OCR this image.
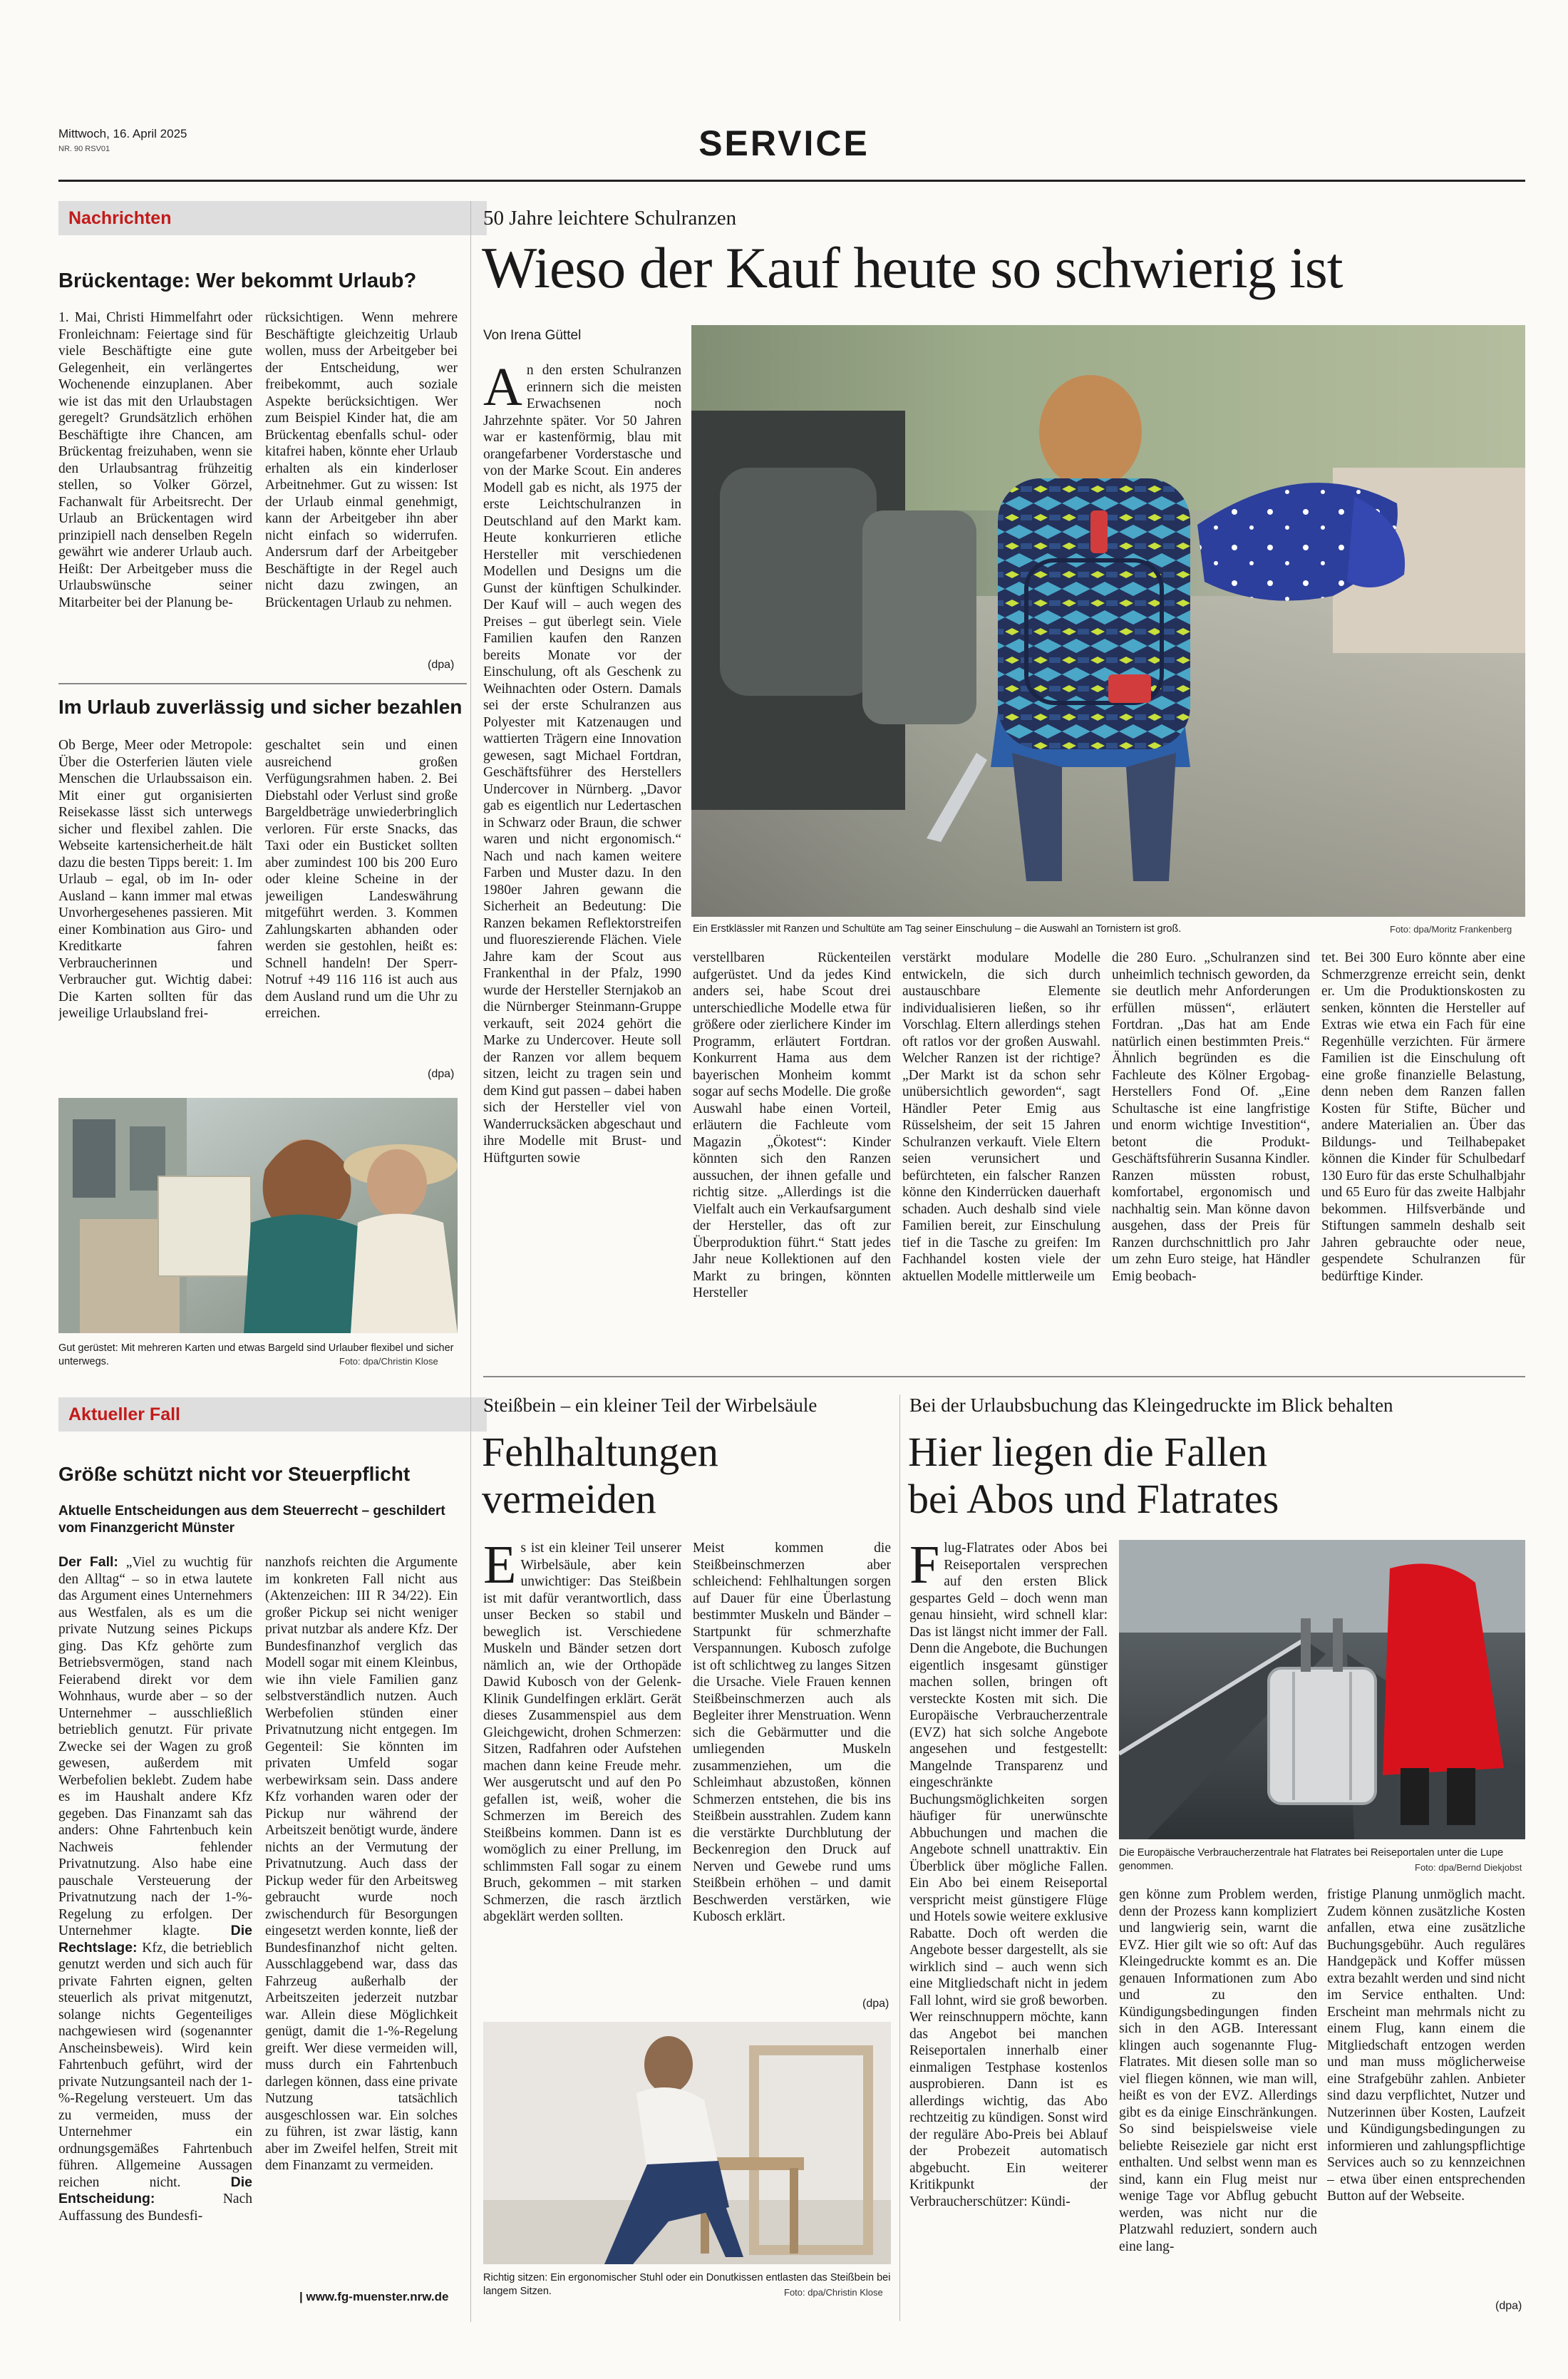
Mittwoch, 16. April 2025
NR. 90 RSV01	SERVICE
Nachrichten
Brückentage: Wer bekommt Urlaub?
1. Mai, Christi Himmelfahrt oder Fronleichnam: Feiertage sind für viele Beschäftigte eine gute Gelegenheit, ein verlängertes Wochenende einzuplanen. Aber wie ist das mit den Urlaubstagen geregelt? Grundsätzlich erhöhen Beschäftigte ihre Chancen, am Brückentag freizuhaben, wenn sie den Urlaubsantrag frühzeitig stellen, so Volker Görzel, Fachanwalt für Arbeitsrecht. Der Urlaub an Brückentagen wird prinzipiell nach denselben Regeln gewährt wie anderer Urlaub auch. Heißt: Der Arbeitgeber muss die Urlaubswünsche seiner Mitarbeiter bei der Planung be-
rücksichtigen. Wenn mehrere Beschäftigte gleichzeitig Urlaub wollen, muss der Arbeitgeber bei der Entscheidung, wer freibekommt, auch soziale Aspekte berücksichtigen. Wer zum Beispiel Kinder hat, die am Brückentag ebenfalls schul- oder kitafrei haben, könnte eher Urlaub erhalten als ein kinderloser Arbeitnehmer. Gut zu wissen: Ist der Urlaub einmal genehmigt, kann der Arbeitgeber ihn aber nicht einfach so widerrufen. Andersrum darf der Arbeitgeber Beschäftigte in der Regel auch nicht dazu zwingen, an Brückentagen Urlaub zu nehmen.
(dpa)
Im Urlaub zuverlässig und sicher bezahlen
Ob Berge, Meer oder Metropole: Über die Osterferien läuten viele Menschen die Urlaubssaison ein. Mit einer gut organisierten Reisekasse lässt sich unterwegs sicher und flexibel zahlen. Die Webseite kartensicherheit.de hält dazu die besten Tipps bereit: 1. Im Urlaub – egal, ob im In- oder Ausland – kann immer mal etwas Unvorhergesehenes passieren. Mit einer Kombination aus Giro- und Kreditkarte fahren Verbraucherinnen und Verbraucher gut. Wichtig dabei: Die Karten sollten für das jeweilige Urlaubsland frei-
geschaltet sein und einen ausreichend großen Verfügungsrahmen haben. 2. Bei Diebstahl oder Verlust sind große Bargeldbeträge unwiederbringlich verloren. Für erste Snacks, das Taxi oder ein Busticket sollten aber zumindest 100 bis 200 Euro oder kleine Scheine in der jeweiligen Landeswährung mitgeführt werden. 3. Kommen Zahlungskarten abhanden oder werden sie gestohlen, heißt es: Schnell handeln! Der Sperr-Notruf +49 116 116 ist auch aus dem Ausland rund um die Uhr zu erreichen.
(dpa)
Gut gerüstet: Mit mehreren Karten und etwas Bargeld sind Urlauber flexibel und sicher unterwegs.	Foto: dpa/Christin Klose
Aktueller Fall
Größe schützt nicht vor Steuerpflicht
Aktuelle Entscheidungen aus dem Steuerrecht – geschildert vom Finanzgericht Münster
Der Fall: „Viel zu wuchtig für den Alltag“ – so in etwa lautete das Argument eines Unternehmers aus Westfalen, als es um die private Nutzung seines Pickups ging. Das Kfz gehörte zum Betriebsvermögen, stand nach Feierabend direkt vor dem Wohnhaus, wurde aber – so der Unternehmer – ausschließlich betrieblich genutzt. Für private Zwecke sei der Wagen zu groß gewesen, außerdem mit Werbefolien beklebt. Zudem habe es im Haushalt andere Kfz gegeben. Das Finanzamt sah das anders: Ohne Fahrtenbuch kein Nachweis fehlender Privatnutzung. Also habe eine pauschale Versteuerung der Privatnutzung nach der 1-%-Regelung zu erfolgen. Der Unternehmer klagte. Die Rechtslage: Kfz, die betrieblich genutzt werden und sich auch für private Fahrten eignen, gelten steuerlich als privat mitgenutzt, solange nichts Gegenteiliges nachgewiesen wird (sogenannter Anscheinsbeweis). Wird kein Fahrtenbuch geführt, wird der private Nutzungsanteil nach der 1-%-Regelung versteuert. Um das zu vermeiden, muss der Unternehmer ein ordnungsgemäßes Fahrtenbuch führen. Allgemeine Aussagen reichen nicht.	Die Entscheidung:	Nach Auffassung des Bundesfi-
nanzhofs reichten die Argumente im konkreten Fall nicht aus (Aktenzeichen: III R 34/22). Ein großer Pickup sei nicht weniger privat nutzbar als andere Kfz. Der Bundesfinanzhof verglich das Modell sogar mit einem Kleinbus, wie ihn viele Familien ganz selbstverständlich nutzen. Auch Werbefolien stünden einer Privatnutzung nicht entgegen. Im Gegenteil: Sie könnten im privaten Umfeld sogar werbewirksam sein. Dass andere Kfz vorhanden waren oder der Pickup nur während der Arbeitszeit benötigt wurde, ändere nichts an der Vermutung der Privatnutzung. Auch dass der Pickup weder für den Arbeitsweg gebraucht wurde noch zwischendurch für Besorgungen eingesetzt werden konnte, ließ der Bundesfinanzhof nicht gelten. Ausschlaggebend war, dass das Fahrzeug außerhalb der Arbeitszeiten jederzeit nutzbar war. Allein diese Möglichkeit genügt, damit die 1-%-Regelung greift. Wer diese vermeiden will, muss durch ein Fahrtenbuch darlegen können, dass eine private Nutzung tatsächlich ausgeschlossen war. Ein solches zu führen, ist zwar lästig, kann aber im Zweifel helfen, Streit mit dem Finanzamt zu vermeiden.
| www.fg-muenster.nrw.de
50 Jahre leichtere Schulranzen
Wieso der Kauf heute so schwierig ist
Von Irena Güttel
An den ersten Schulranzen erinnern sich die meisten Erwachsenen noch Jahrzehnte später. Vor 50 Jahren war er kastenförmig, blau mit orangefarbener Vorderstasche und von der Marke Scout. Ein anderes Modell gab es nicht, als 1975 der erste Leichtschulranzen in Deutschland auf den Markt kam. Heute konkurrieren etliche Hersteller mit verschiedenen Modellen und Designs um die Gunst der künftigen Schulkinder. Der Kauf will – auch wegen des Preises – gut überlegt sein. Viele Familien kaufen den Ranzen bereits Monate vor der Einschulung, oft als Geschenk zu Weihnachten oder Ostern. Damals sei der erste Schulranzen aus Polyester mit Katzenaugen und wattierten Trägern eine Innovation gewesen, sagt Michael Fortdran, Geschäftsführer des Herstellers Undercover in Nürnberg. „Davor gab es eigentlich nur Ledertaschen in Schwarz oder Braun, die schwer waren und nicht ergonomisch.“ Nach und nach kamen weitere Farben und Muster dazu. In den 1980er Jahren gewann die Sicherheit an Bedeutung: Die Ranzen bekamen Reflektorstreifen und fluoreszierende Flächen. Viele Jahre kam der Scout aus Frankenthal in der Pfalz, 1990 wurde der Hersteller Sternjakob an die Nürnberger Steinmann-Gruppe verkauft, seit 2024 gehört die Marke zu Undercover. Heute soll der Ranzen vor allem bequem sitzen, leicht zu tragen sein und dem Kind gut passen – dabei haben sich der Hersteller viel von Wanderrucksäcken abgeschaut und ihre Modelle mit Brust- und Hüftgurten sowie
Ein Erstklässler mit Ranzen und Schultüte am Tag seiner Einschulung – die Auswahl an Tornistern ist groß.	Foto: dpa/Moritz Frankenberg
verstellbaren Rückenteilen aufgerüstet. Und da jedes Kind anders sei, habe Scout drei unterschiedliche Modelle etwa für größere oder zierlichere Kinder im Programm, erläutert Fortdran. Konkurrent Hama aus dem bayerischen Monheim kommt sogar auf sechs Modelle. Die große Auswahl habe einen Vorteil, erläutern die Fachleute vom Magazin „Ökotest“: Kinder könnten sich den Ranzen aussuchen, der ihnen gefalle und richtig sitze. „Allerdings ist die Vielfalt auch ein Verkaufsargument der Hersteller, das oft zur Überproduktion führt.“ Statt jedes Jahr neue Kollektionen auf den Markt zu bringen, könnten Hersteller
verstärkt modulare Modelle entwickeln, die sich durch austauschbare Elemente individualisieren ließen, so ihr Vorschlag. Eltern allerdings stehen oft ratlos vor der großen Auswahl. Welcher Ranzen ist der richtige? „Der Markt ist da schon sehr unübersichtlich geworden“, sagt Händler Peter Emig aus Rüsselsheim, der seit 15 Jahren Schulranzen verkauft. Viele Eltern seien verunsichert und befürchteten, ein falscher Ranzen könne den Kinderrücken dauerhaft schaden. Auch deshalb sind viele Familien bereit, zur Einschulung tief in die Tasche zu greifen: Im Fachhandel kosten viele der aktuellen Modelle mittlerweile um
die 280 Euro. „Schulranzen sind unheimlich technisch geworden, da sie deutlich mehr Anforderungen erfüllen müssen“, erläutert Fortdran. „Das hat am Ende natürlich einen bestimmten Preis.“ Ähnlich begründen es die Fachleute des Kölner Ergobag-Herstellers Fond Of. „Eine Schultasche ist eine langfristige und enorm wichtige Investition“, betont die Produkt-Geschäftsführerin Susanna Kindler. Ranzen müssten robust, komfortabel, ergonomisch und nachhaltig sein. Man könne davon ausgehen, dass der Preis für Ranzen durchschnittlich pro Jahr um zehn Euro steige, hat Händler Emig beobach-
tet. Bei 300 Euro könnte aber eine Schmerzgrenze erreicht sein, denkt er. Um die Produktionskosten zu senken, könnten die Hersteller auf Extras wie etwa ein Fach für eine Regenhülle verzichten. Für ärmere Familien ist die Einschulung oft eine große finanzielle Belastung, denn neben dem Ranzen fallen Kosten für Stifte, Bücher und andere Materialien an. Über das Bildungs- und Teilhabepaket können die Kinder für Schulbedarf 130 Euro für das erste Schulhalbjahr und 65 Euro für das zweite Halbjahr bekommen. Hilfsverbände und Stiftungen sammeln deshalb seit Jahren gebrauchte oder neue, gespendete Schulranzen für bedürftige Kinder.
Steißbein – ein kleiner Teil der Wirbelsäule
Fehlhaltungen
vermeiden
Es ist ein kleiner Teil unserer Wirbelsäule, aber kein unwichtiger: Das Steißbein ist mit dafür verantwortlich, dass unser Becken so stabil und beweglich ist. Verschiedene Muskeln und Bänder setzen dort nämlich an, wie der Orthopäde Dawid Kubosch von der Gelenk-Klinik Gundelfingen erklärt. Gerät dieses Zusammenspiel aus dem Gleichgewicht, drohen Schmerzen: Sitzen, Radfahren oder Aufstehen machen dann keine Freude mehr. Wer ausgerutscht und auf den Po gefallen ist, weiß, woher die Schmerzen im Bereich des Steißbeins kommen. Dann ist es womöglich zu einer Prellung, im schlimmsten Fall sogar zu einem Bruch, gekommen – mit starken Schmerzen, die rasch ärztlich abgeklärt werden sollten.
Meist kommen die Steißbeinschmerzen aber schleichend: Fehlhaltungen sorgen auf Dauer für eine Überlastung bestimmter Muskeln und Bänder – Startpunkt für schmerzhafte Verspannungen. Kubosch zufolge ist oft schlichtweg zu langes Sitzen die Ursache. Viele Frauen kennen Steißbeinschmerzen auch als Begleiter ihrer Menstruation. Wenn sich die Gebärmutter und die umliegenden Muskeln zusammenziehen, um die Schleimhaut abzustoßen, können Schmerzen entstehen, die bis ins Steißbein ausstrahlen. Zudem kann die verstärkte Durchblutung der Beckenregion den Druck auf Nerven und Gewebe rund ums Steißbein erhöhen – und damit Beschwerden verstärken, wie Kubosch erklärt.
(dpa)
Richtig sitzen: Ein ergonomischer Stuhl oder ein Donutkissen entlasten das Steißbein bei langem Sitzen.	Foto: dpa/Christin Klose
Bei der Urlaubsbuchung das Kleingedruckte im Blick behalten
Hier liegen die Fallen
bei Abos und Flatrates
Flug-Flatrates oder Abos bei Reiseportalen versprechen auf den ersten Blick gespartes Geld – doch wenn man genau hinsieht, wird schnell klar: Das ist längst nicht immer der Fall. Denn die Angebote, die Buchungen eigentlich insgesamt günstiger machen sollen, bringen oft versteckte Kosten mit sich. Die Europäische Verbraucherzentrale (EVZ) hat sich solche Angebote angesehen und festgestellt: Mangelnde Transparenz und eingeschränkte Buchungsmöglichkeiten sorgen häufiger für unerwünschte Abbuchungen und machen die Angebote schnell unattraktiv. Ein Überblick über mögliche Fallen. Ein Abo bei einem Reiseportal verspricht meist günstigere Flüge und Hotels sowie weitere exklusive Rabatte. Doch oft werden die Angebote besser dargestellt, als sie wirklich sind – auch wenn sich eine Mitgliedschaft nicht in jedem Fall lohnt, wird sie groß beworben. Wer reinschnuppern möchte, kann das Angebot bei manchen Reiseportalen innerhalb einer einmaligen Testphase kostenlos ausprobieren. Dann ist es allerdings wichtig, das Abo rechtzeitig zu kündigen. Sonst wird der reguläre Abo-Preis bei Ablauf der Probezeit automatisch abgebucht. Ein weiterer Kritikpunkt der Verbraucherschützer: Kündi-
Die Europäische Verbraucherzentrale hat Flatrates bei Reiseportalen unter die Lupe genommen.	Foto: dpa/Bernd Diekjobst
gen könne zum Problem werden, denn der Prozess kann kompliziert und langwierig sein, warnt die EVZ. Hier gilt wie so oft: Auf das Kleingedruckte kommt es an. Die genauen Informationen zum Abo und zu den Kündigungsbedingungen finden sich in den AGB. Interessant klingen auch sogenannte Flug-Flatrates. Mit diesen solle man so viel fliegen können, wie man will, heißt es von der EVZ. Allerdings gibt es da einige Einschränkungen. So sind beispielsweise viele beliebte Reiseziele gar nicht erst enthalten. Und selbst wenn man es sind, kann ein Flug meist nur wenige Tage vor Abflug gebucht werden, was nicht nur die Platzwahl reduziert, sondern auch eine lang-
fristige Planung unmöglich macht. Zudem können zusätzliche Kosten anfallen, etwa eine zusätzliche Buchungsgebühr. Auch reguläres Handgepäck und Koffer müssen extra bezahlt werden und sind nicht im Service enthalten. Und: Erscheint man mehrmals nicht zu einem Flug, kann einem die Mitgliedschaft entzogen werden und man muss möglicherweise eine Strafgebühr zahlen. Anbieter sind dazu verpflichtet, Nutzer und Nutzerinnen über Kosten, Laufzeit und Kündigungsbedingungen zu informieren und zahlungspflichtige Services auch so zu kennzeichnen – etwa über einen entsprechenden Button auf der Webseite.
(dpa)
